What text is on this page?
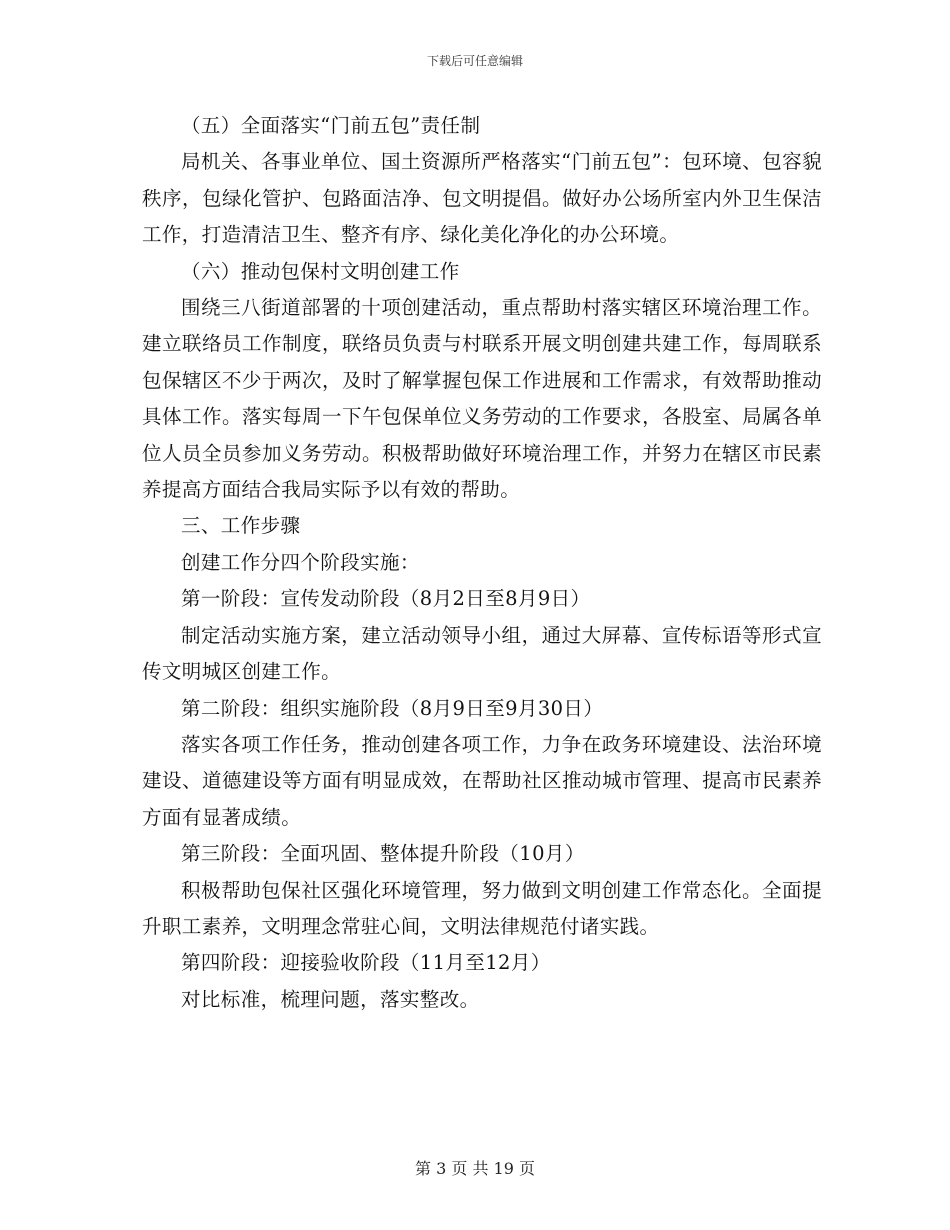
下载后可任意编辑

（五）全面落实“门前五包”责任制

局机关、各事业单位、国土资源所严格落实“门前五包”：包环境、包容貌秩序，包绿化管护、包路面洁净、包文明提倡。做好办公场所室内外卫生保洁工作，打造清洁卫生、整齐有序、绿化美化净化的办公环境。

（六）推动包保村文明创建工作

围绕三八街道部署的十项创建活动，重点帮助村落实辖区环境治理工作。建立联络员工作制度，联络员负责与村联系开展文明创建共建工作，每周联系包保辖区不少于两次，及时了解掌握包保工作进展和工作需求，有效帮助推动具体工作。落实每周一下午包保单位义务劳动的工作要求，各股室、局属各单位人员全员参加义务劳动。积极帮助做好环境治理工作，并努力在辖区市民素养提高方面结合我局实际予以有效的帮助。

三、工作步骤

创建工作分四个阶段实施：

第一阶段：宣传发动阶段（8月2日至8月9日）

制定活动实施方案，建立活动领导小组，通过大屏幕、宣传标语等形式宣传文明城区创建工作。

第二阶段：组织实施阶段（8月9日至9月30日）

落实各项工作任务，推动创建各项工作，力争在政务环境建设、法治环境建设、道德建设等方面有明显成效，在帮助社区推动城市管理、提高市民素养方面有显著成绩。

第三阶段：全面巩固、整体提升阶段（10月）

积极帮助包保社区强化环境管理，努力做到文明创建工作常态化。全面提升职工素养，文明理念常驻心间，文明法律规范付诸实践。

第四阶段：迎接验收阶段（11月至12月）

对比标准，梳理问题，落实整改。

第 3 页 共 19 页
